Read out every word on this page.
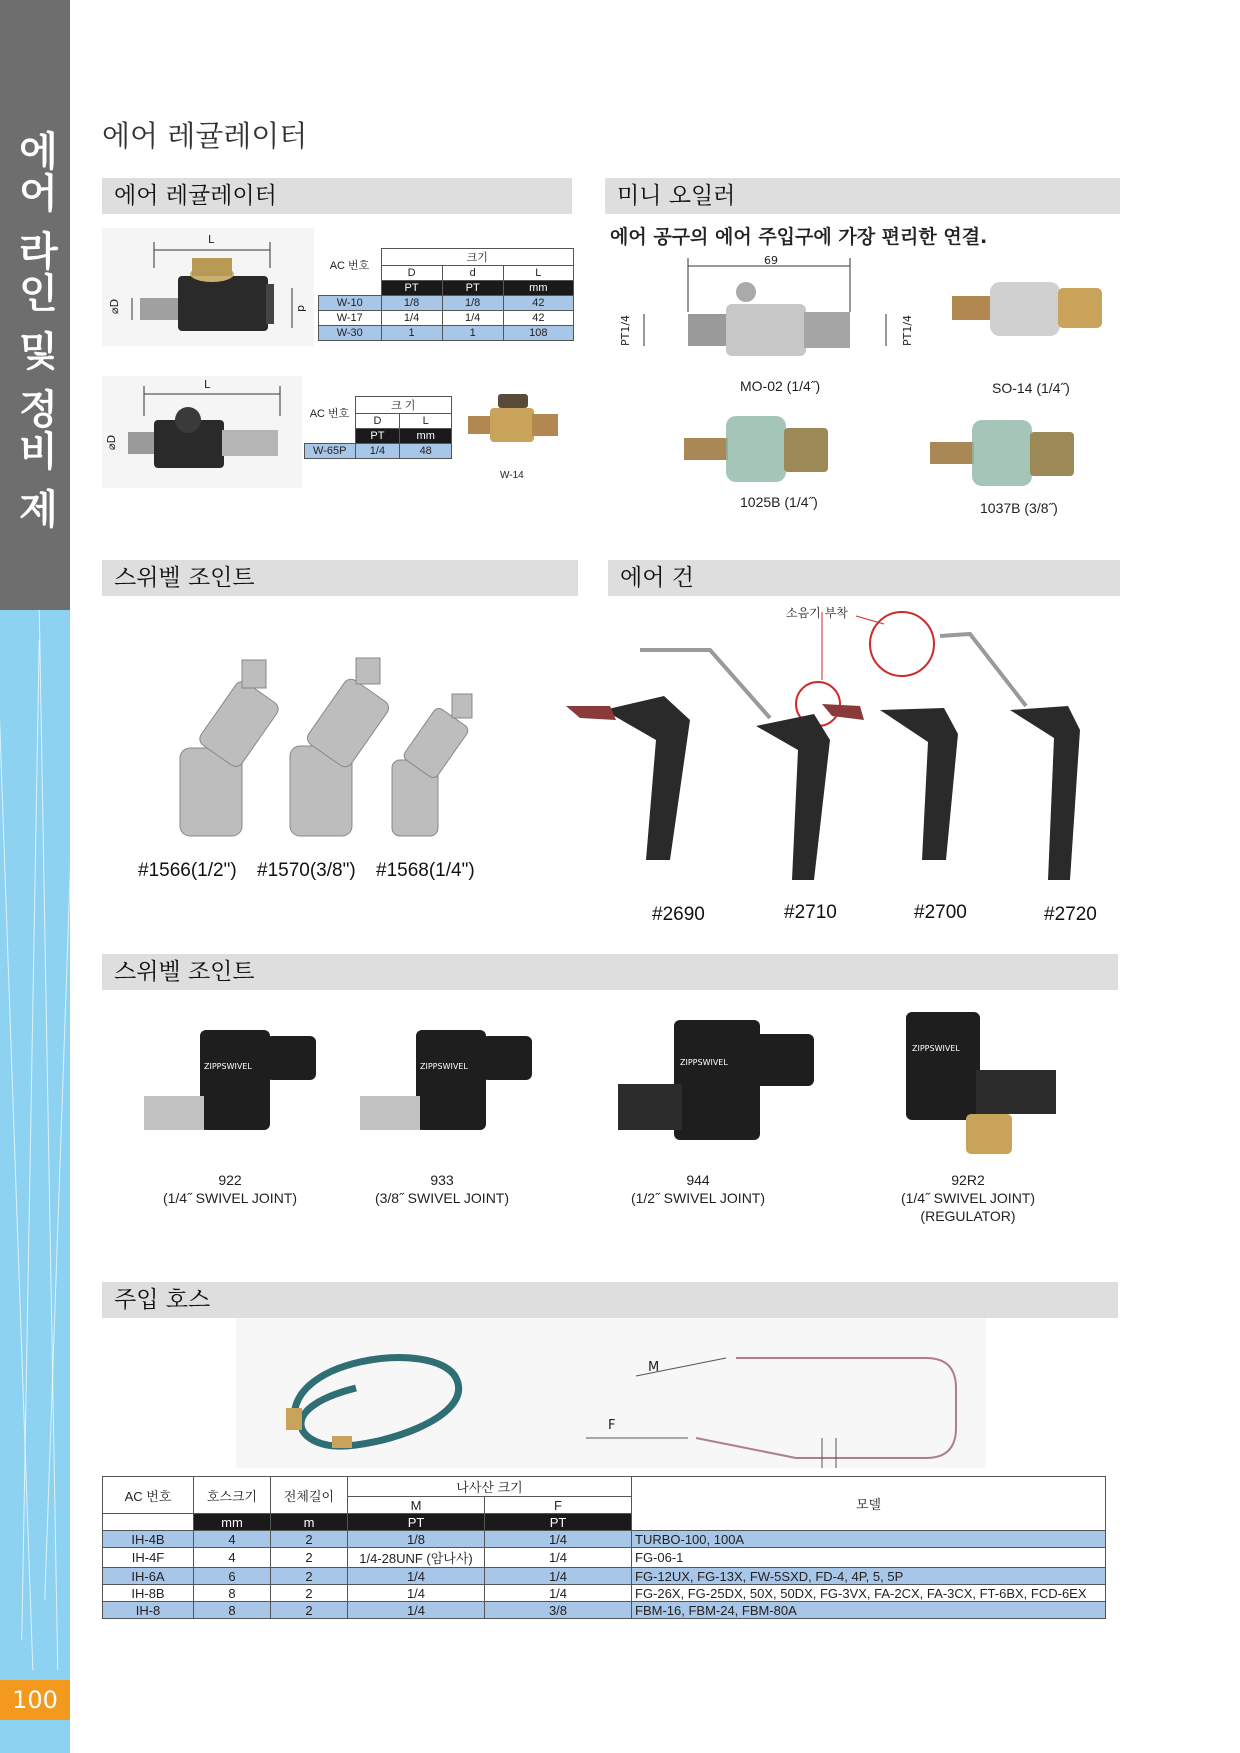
에어 라인 및 정비 제
100
에어 레귤레이터
에어 레귤레이터	미니 오일러
스위벨 조인트	에어 건
스위벨 조인트
주입 호스
L
⌀D	d
AC 번호	크기		
	D	d	L
	PT	PT	mm
W-10	1/8	1/8	42
W-17	1/4	1/4	42
W-30	1	1	108
L
⌀D
AC 번호	크 기	
	D	L
	PT	mm
W-65P	1/4	48
W-14
에어 공구의 에어 주입구에 가장 편리한 연결.
69
PT1/4	PT1/4
MO-02 (1/4˝)	SO-14 (1/4˝)
1025B (1/4˝)	1037B (3/8˝)
#1566(1/2") #1570(3/8") #1568(1/4")
소음기 부착
#2690	#2710	#2700	#2720
ZIPPSWIVEL	ZIPPSWIVEL	ZIPPSWIVEL
ZIPPSWIVEL
922
(1/4˝ SWIVEL JOINT)
933
(3/8˝ SWIVEL JOINT)
944
(1/2˝ SWIVEL JOINT)
92R2
(1/4˝ SWIVEL JOINT)
(REGULATOR)
M
F
AC 번호	호스크기	전체길이	나사산 크기		모델
			M	F	
	mm	m	PT	PT	
IH-4B	4	2	1/8	1/4	TURBO-100, 100A
IH-4F	4	2	1/4-28UNF (암나사)	1/4	FG-06-1
IH-6A	6	2	1/4	1/4	FG-12UX, FG-13X, FW-5SXD, FD-4, 4P, 5, 5P
IH-8B	8	2	1/4	1/4	FG-26X, FG-25DX, 50X, 50DX, FG-3VX, FA-2CX, FA-3CX, FT-6BX, FCD-6EX
IH-8	8	2	1/4	3/8	FBM-16, FBM-24, FBM-80A
